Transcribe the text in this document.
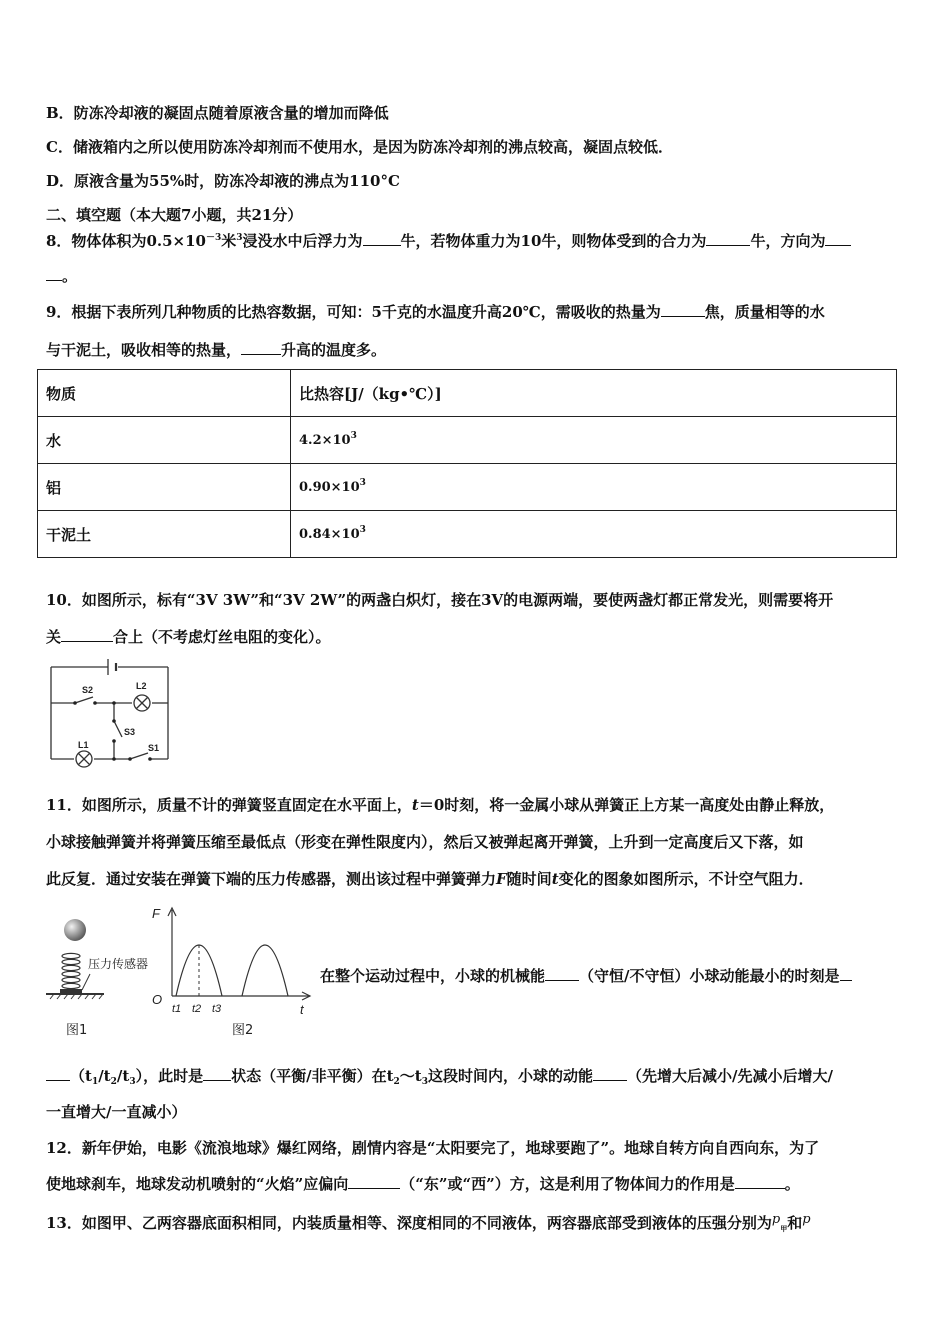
B．防冻冷却液的凝固点随着原液含量的增加而降低
C．储液箱内之所以使用防冻冷却剂而不使用水，是因为防冻冷却剂的沸点较高，凝固点较低．
D．原液含量为55%时，防冻冷却液的沸点为110°C
二、填空题（本大题7小题，共21分）
8．物体体积为$0.5\times 10^{-3}$米$^3$浸没水中后浮力为	牛，若物体重力为10牛，则物体受到的合力为	牛，方向为
。
9．根据下表所列几种物质的比热容数据，可知：5千克的水温度升高20℃，需吸收的热量为	焦，质量相等的水
与干泥土，吸收相等的热量，	升高的温度多。
物质	比热容[J/（kg•℃）]
水	$4.2\times 10^3$
铝	$0.90\times 10^3$
干泥土	$0.84\times 10^3$
10．如图所示，标有“3V 3W”和“3V 2W”的两盏白炽灯，接在3V的电源两端，要使两盏灯都正常发光，则需要将开
关	合上（不考虑灯丝电阻的变化）。
S2	L2
S3
L1	S1
11．如图所示，质量不计的弹簧竖直固定在水平面上，t＝0时刻，将一金属小球从弹簧正上方某一高度处由静止释放，
小球接触弹簧并将弹簧压缩至最低点（形变在弹性限度内），然后又被弹起离开弹簧，上升到一定高度后又下落，如
此反复．通过安装在弹簧下端的压力传感器，测出该过程中弹簧弹力F随时间t变化的图象如图所示，不计空气阻力．
压力传感器
图1
F
O
t
t1 t2 t3
图2
在整个运动过程中，小球的机械能 （守恒/不守恒）小球动能最小的时刻是
$(t_1/t_2/t_3)$，此时是 状态（平衡/非平衡）在$t_2\sim t_3$这段时间内，小球的动能 （先增大后减小/先减小后增大/
一直增大/一直减小）
12．新年伊始，电影《流浪地球》爆红网络，剧情内容是“太阳要完了，地球要跑了”。地球自转方向自西向东，为了
使地球刹车，地球发动机喷射的“火焰”应偏向	（“东”或“西”）方，这是利用了物体间力的作用是	。
13．如图甲、乙两容器底面积相同，内装质量相等、深度相同的不同液体，两容器底部受到液体的压强分别为$p_甲$和p
